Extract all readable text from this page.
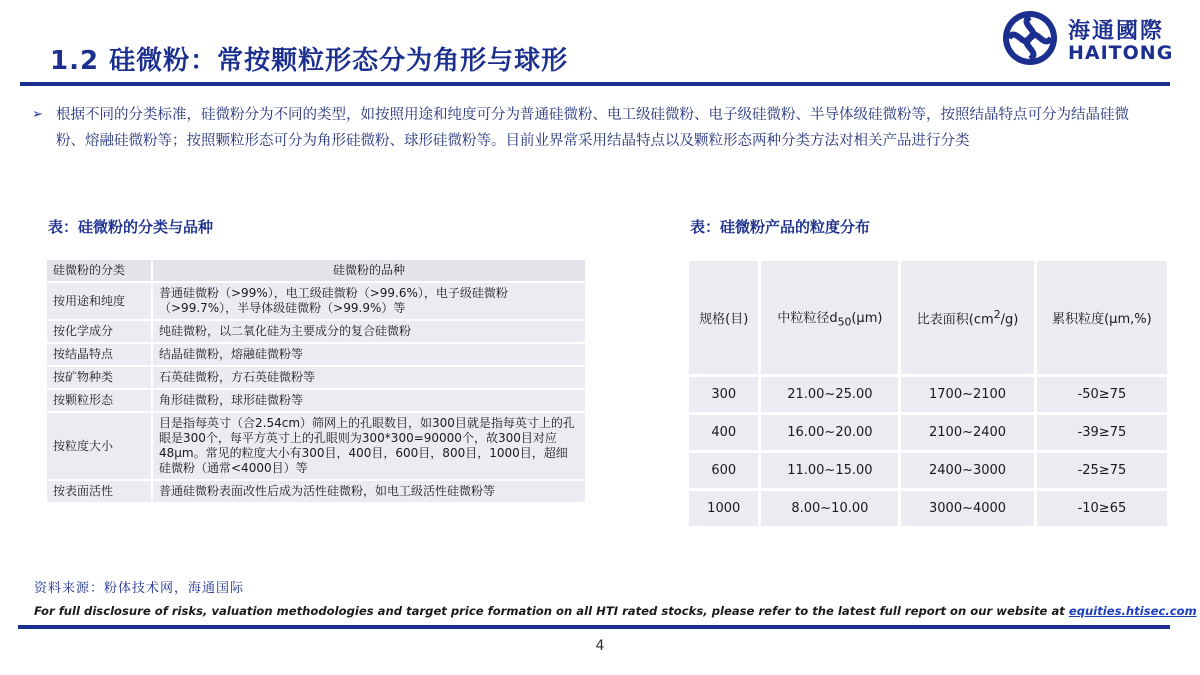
1.2 硅微粉：常按颗粒形态分为角形与球形
海通國際
HAITONG
➢ 根据不同的分类标准，硅微粉分为不同的类型，如按照用途和纯度可分为普通硅微粉、电工级硅微粉、电子级硅微粉、半导体级硅微粉等，按照结晶特点可分为结晶硅微粉、熔融硅微粉等；按照颗粒形态可分为角形硅微粉、球形硅微粉等。目前业界常采用结晶特点以及颗粒形态两种分类方法对相关产品进行分类
表：硅微粉的分类与品种	表：硅微粉产品的粒度分布
硅微粉的分类	硅微粉的品种
按用途和纯度	普通硅微粉（>99%），电工级硅微粉（>99.6%），电子级硅微粉（>99.7%），半导体级硅微粉（>99.9%）等
按化学成分	纯硅微粉，以二氧化硅为主要成分的复合硅微粉
按结晶特点	结晶硅微粉，熔融硅微粉等
按矿物种类	石英硅微粉，方石英硅微粉等
按颗粒形态	角形硅微粉，球形硅微粉等
按粒度大小	目是指每英寸（合2.54cm）筛网上的孔眼数目，如300目就是指每英寸上的孔眼是300个，每平方英寸上的孔眼则为300*300=90000个，故300目对应48μm。常见的粒度大小有300目，400目，600目，800目，1000目，超细硅微粉（通常<4000目）等
按表面活性	普通硅微粉表面改性后成为活性硅微粉，如电工级活性硅微粉等
规格(目)	中粒粒径$d_{50}(\mu m)$	比表面积$(cm^2/g)$	累积粒度(μm,%)
300	21.00~25.00	1700~2100	-50≥75
400	16.00~20.00	2100~2400	-39≥75
600	11.00~15.00	2400~3000	-25≥75
1000	8.00~10.00	3000~4000	-10≥65
资料来源：粉体技术网，海通国际
For full disclosure of risks, valuation methodologies and target price formation on all HTI rated stocks, please refer to the latest full report on our website at equities.htisec.com
4
